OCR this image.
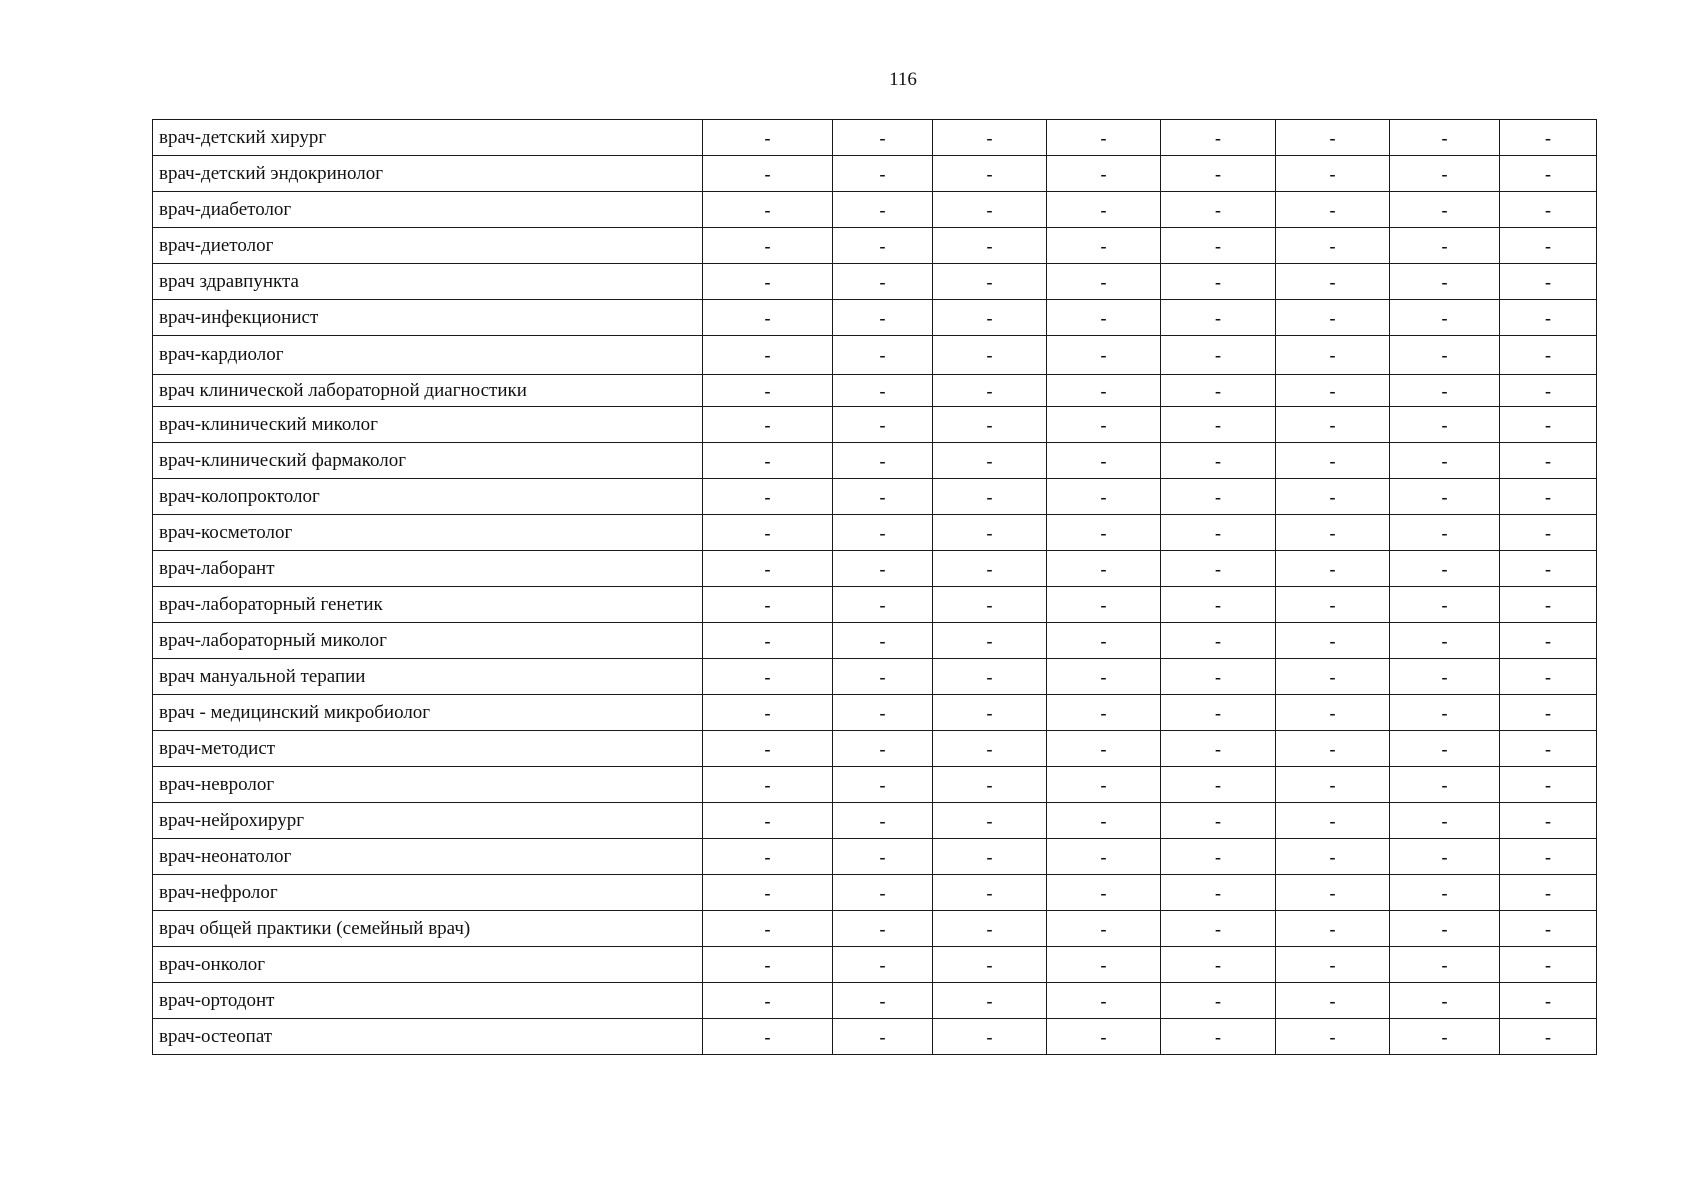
116
врач-детский хирург	-	-	-	-	-	-	-	-
врач-детский эндокринолог	-	-	-	-	-	-	-	-
врач-диабетолог	-	-	-	-	-	-	-	-
врач-диетолог	-	-	-	-	-	-	-	-
врач здравпункта	-	-	-	-	-	-	-	-
врач-инфекционист	-	-	-	-	-	-	-	-
врач-кардиолог	-	-	-	-	-	-	-	-
врач клинической лабораторной диагностики	-	-	-	-	-	-	-	-
врач-клинический миколог	-	-	-	-	-	-	-	-
врач-клинический фармаколог	-	-	-	-	-	-	-	-
врач-колопроктолог	-	-	-	-	-	-	-	-
врач-косметолог	-	-	-	-	-	-	-	-
врач-лаборант	-	-	-	-	-	-	-	-
врач-лабораторный генетик	-	-	-	-	-	-	-	-
врач-лабораторный миколог	-	-	-	-	-	-	-	-
врач мануальной терапии	-	-	-	-	-	-	-	-
врач - медицинский микробиолог	-	-	-	-	-	-	-	-
врач-методист	-	-	-	-	-	-	-	-
врач-невролог	-	-	-	-	-	-	-	-
врач-нейрохирург	-	-	-	-	-	-	-	-
врач-неонатолог	-	-	-	-	-	-	-	-
врач-нефролог	-	-	-	-	-	-	-	-
врач общей практики (семейный врач)	-	-	-	-	-	-	-	-
врач-онколог	-	-	-	-	-	-	-	-
врач-ортодонт	-	-	-	-	-	-	-	-
врач-остеопат	-	-	-	-	-	-	-	-
